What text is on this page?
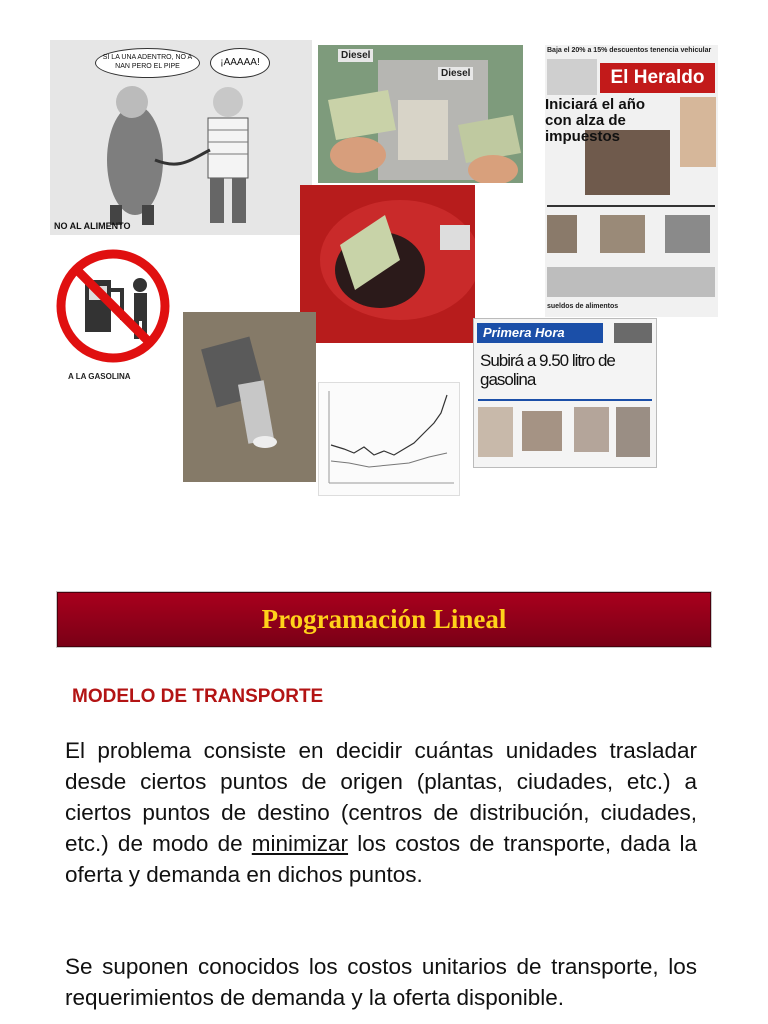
SI LA UNA ADENTRO, NO A NAN PERO EL PIPE	¡AAAAA!
NO AL ALIMENTO
A LA GASOLINA
Diesel
Diesel
Baja el 20% a 15% descuentos tenencia vehicular
El Heraldo
Iniciará el año con alza de impuestos
sueldos de alimentos
Primera Hora
Subirá a 9.50 litro de gasolina
Programación Lineal
MODELO DE TRANSPORTE
El problema consiste en decidir cuántas unidades trasladar desde ciertos puntos de origen (plantas, ciudades, etc.) a ciertos puntos de destino (centros de distribución, ciudades, etc.) de modo de minimizar los costos de transporte, dada la oferta y demanda en dichos puntos.
Se suponen conocidos los costos unitarios de transporte, los requerimientos de demanda y la oferta disponible.
